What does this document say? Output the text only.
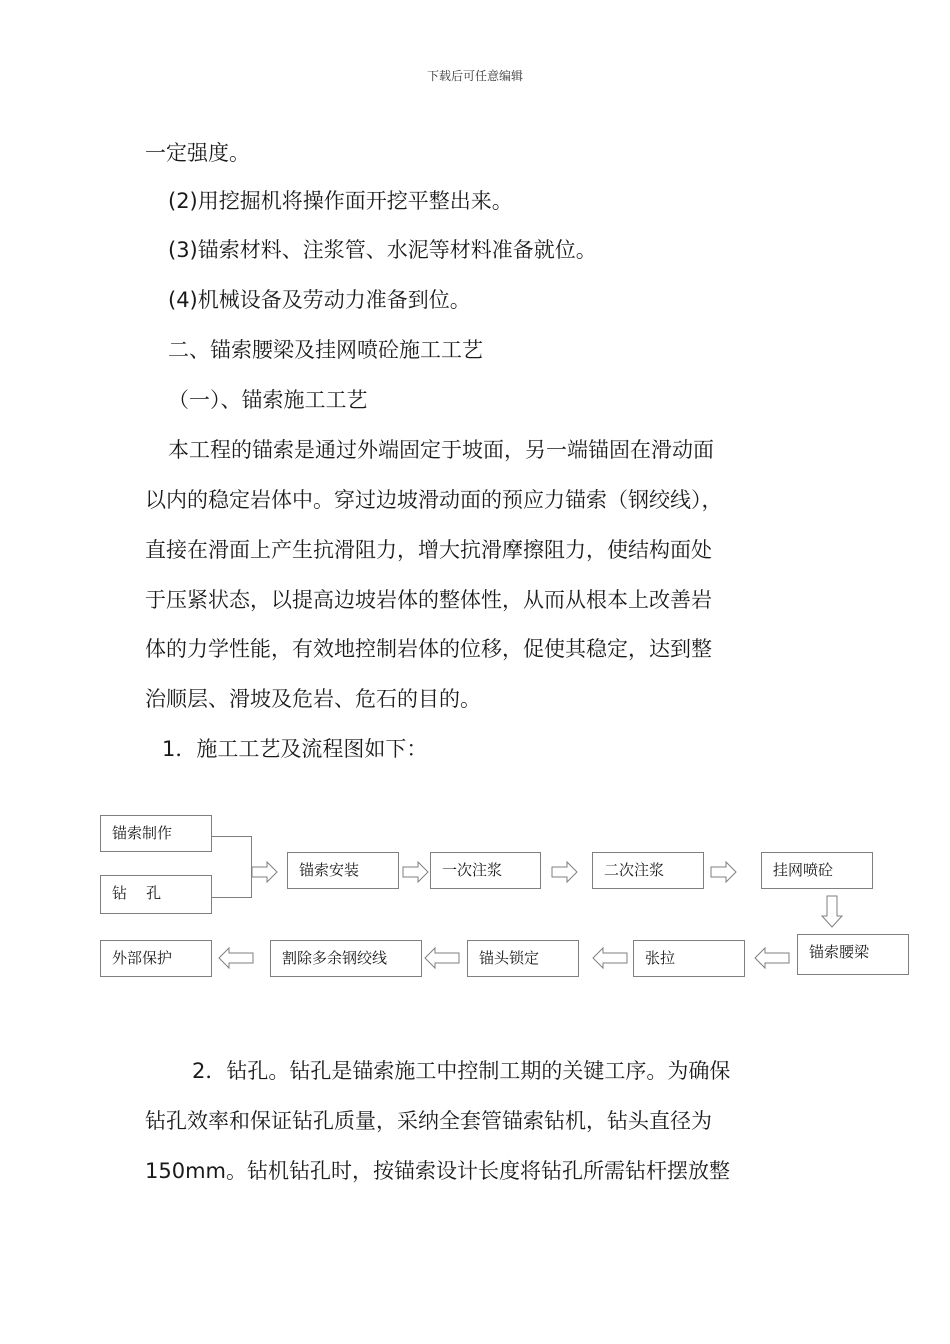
下载后可任意编辑
一定强度。
(2)用挖掘机将操作面开挖平整出来。
(3)锚索材料、注浆管、水泥等材料准备就位。
(4)机械设备及劳动力准备到位。
二、锚索腰梁及挂网喷砼施工工艺
（一）、锚索施工工艺
本工程的锚索是通过外端固定于坡面，另一端锚固在滑动面
以内的稳定岩体中。穿过边坡滑动面的预应力锚索（钢绞线），
直接在滑面上产生抗滑阻力，增大抗滑摩擦阻力，使结构面处
于压紧状态，以提高边坡岩体的整体性，从而从根本上改善岩
体的力学性能，有效地控制岩体的位移，促使其稳定，达到整
治顺层、滑坡及危岩、危石的目的。
1．施工工艺及流程图如下：
锚索制作
钻    孔
锚索安装	一次注浆	二次注浆	挂网喷砼
锚索腰梁
张拉
锚头锁定
割除多余钢绞线
外部保护
2．钻孔。钻孔是锚索施工中控制工期的关键工序。为确保
钻孔效率和保证钻孔质量，采纳全套管锚索钻机，钻头直径为
150mm。钻机钻孔时，按锚索设计长度将钻孔所需钻杆摆放整
